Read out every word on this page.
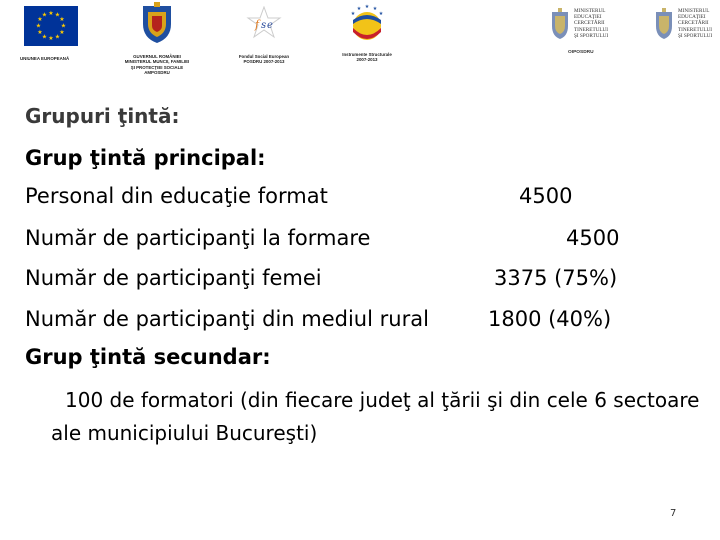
★ ★
★
★
★
★
★
★
★
★
★
★
UNIUNEA EUROPEANĂ	GUVERNUL ROMÂNIEI
MINISTERUL MUNCII, FAMILIEI
ŞI PROTECŢIEI SOCIALE
AMPOSDRU
f s e
Fondul Social European
POSDRU 2007-2013
★ ★
★
★
★
Instrumente Structurale
2007-2013
MINISTERUL
EDUCAŢIEI
CERCETĂRII
TINERETULUI
ŞI SPORTULUI
OIPOSDRU
MINISTERUL
EDUCAŢIEI
CERCETĂRII
TINERETULUI
ŞI SPORTULUI
Grupuri ţintă:
Grup ţintă principal:
Personal din educaţie format	4500
Număr de participanţi la formare	4500
Număr de participanţi femei	3375 (75%)
Număr de participanţi din mediul rural	1800 (40%)
Grup ţintă secundar:
100 de formatori (din fiecare judeţ al ţării şi din cele 6 sectoare ale municipiului Bucureşti)
7
